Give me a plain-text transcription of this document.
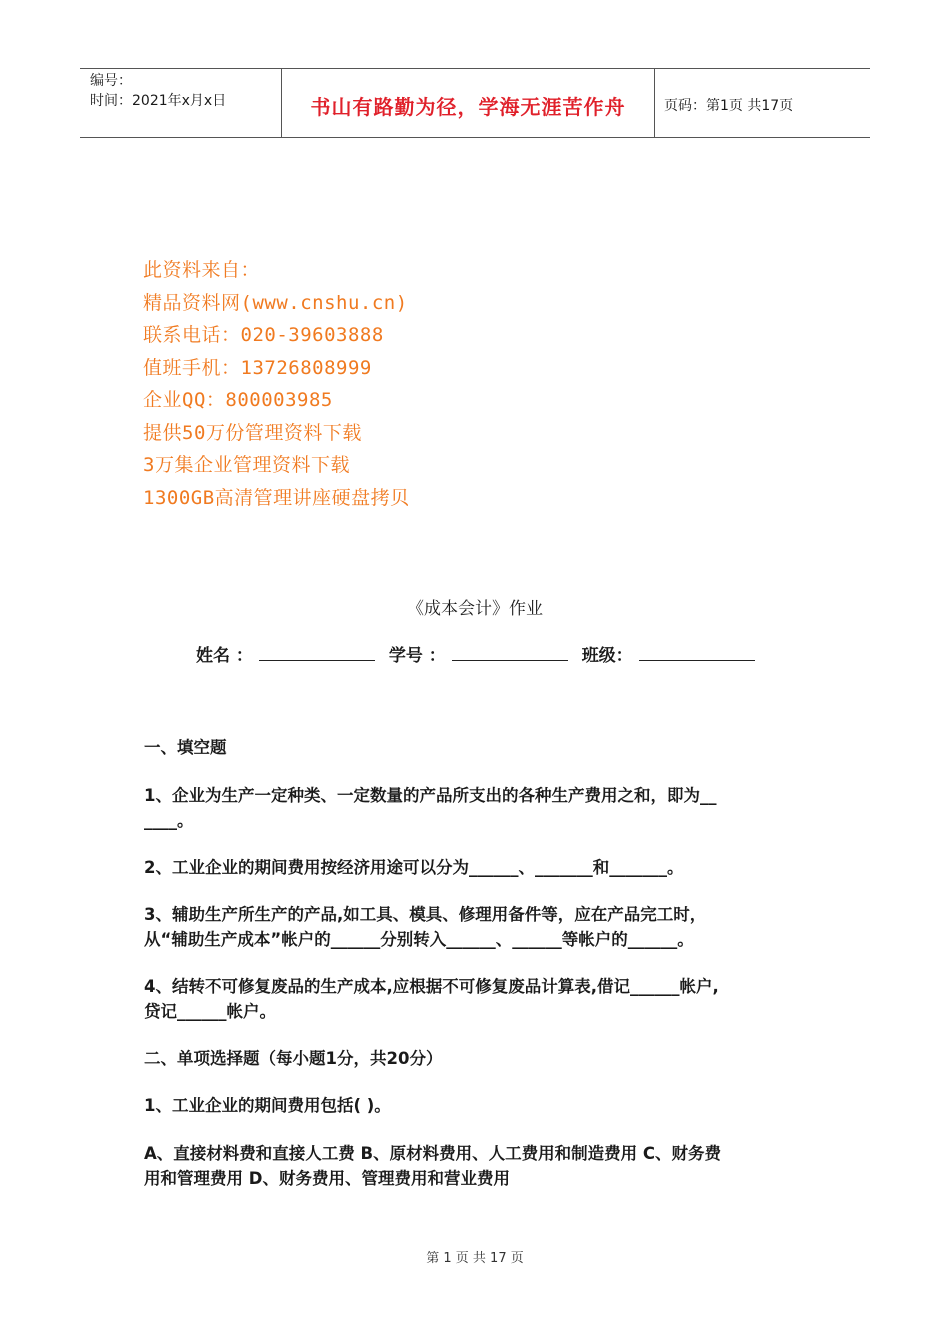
编号：
时间：2021年x月x日	书山有路勤为径，学海无涯苦作舟	页码：第1页 共17页
此资料来自：
精品资料网(www.cnshu.cn)
联系电话：020-39603888
值班手机：13726808999
企业QQ：800003985
提供50万份管理资料下载
3万集企业管理资料下载
1300GB高清管理讲座硬盘拷贝
《成本会计》作业
姓名 ：	学号 ：	班级：
一、填空题
1、企业为生产一定种类、一定数量的产品所支出的各种生产费用之和，即为__
____。
2、工业企业的期间费用按经济用途可以分为______、_______和_______。
3、辅助生产所生产的产品,如工具、模具、修理用备件等，应在产品完工时，
从“辅助生产成本”帐户的______分别转入______、______等帐户的______。
4、结转不可修复废品的生产成本,应根据不可修复废品计算表,借记______帐户,
贷记______帐户。
二、单项选择题（每小题1分，共20分）
1、工业企业的期间费用包括( )。
A、直接材料费和直接人工费 B、原材料费用、人工费用和制造费用 C、财务费
用和管理费用 D、财务费用、管理费用和营业费用
第 1 页 共 17 页
